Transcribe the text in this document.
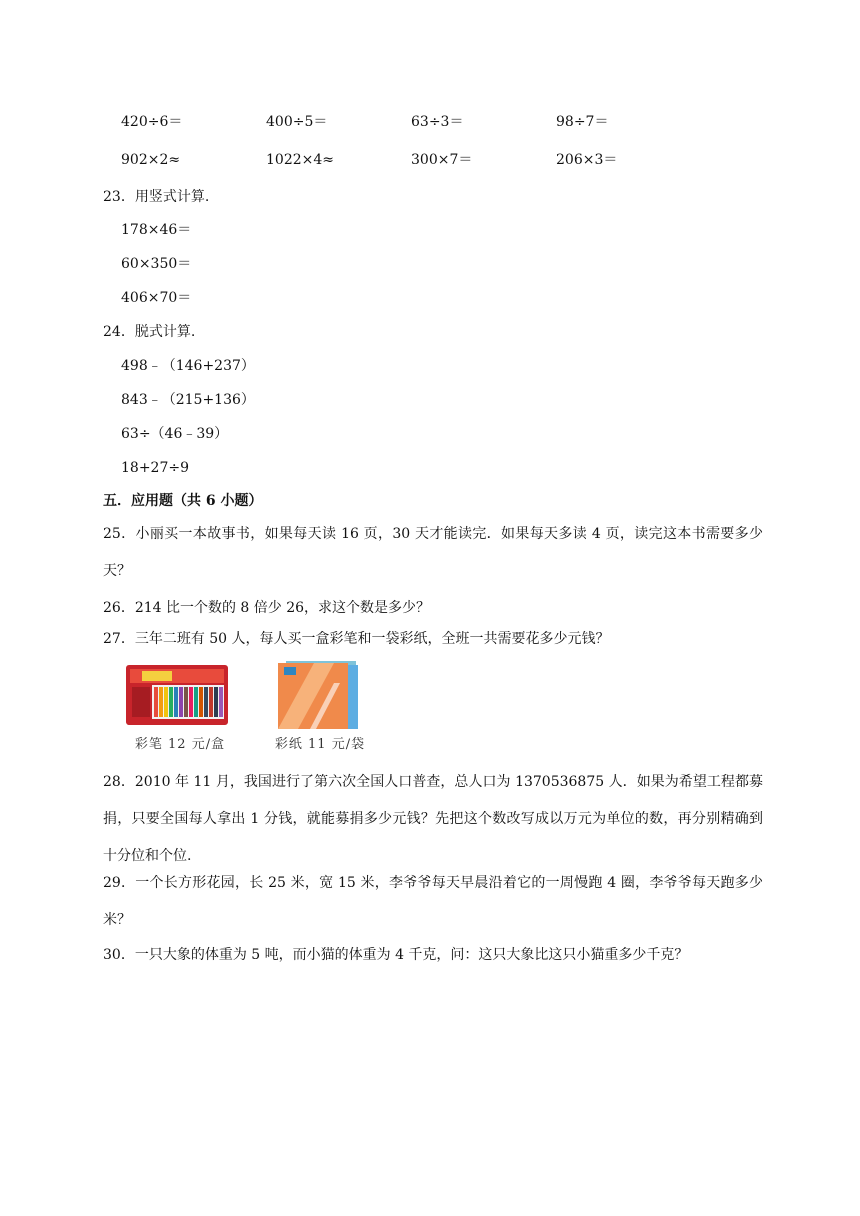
420÷6＝	400÷5＝	63÷3＝	98÷7＝
902×2≈	1022×4≈	300×7＝	206×3＝
23．用竖式计算.
178×46＝
60×350＝
406×70＝
24．脱式计算.
498﹣（146+237）
843﹣（215+136）
63÷（46﹣39）
18+27÷9
五．应用题（共 6 小题）
25．小丽买一本故事书，如果每天读 16 页，30 天才能读完．如果每天多读 4 页，读完这本书需要多少天？
26．214 比一个数的 8 倍少 26，求这个数是多少？
27．三年二班有 50 人，每人买一盒彩笔和一袋彩纸，全班一共需要花多少元钱？
彩笔 12 元/盒	彩纸 11 元/袋
28．2010 年 11 月，我国进行了第六次全国人口普查，总人口为 1370536875 人．如果为希望工程都募捐，只要全国每人拿出 1 分钱，就能募捐多少元钱？先把这个数改写成以万元为单位的数，再分别精确到十分位和个位.
29．一个长方形花园，长 25 米，宽 15 米，李爷爷每天早晨沿着它的一周慢跑 4 圈，李爷爷每天跑多少米？
30．一只大象的体重为 5 吨，而小猫的体重为 4 千克，问：这只大象比这只小猫重多少千克？
